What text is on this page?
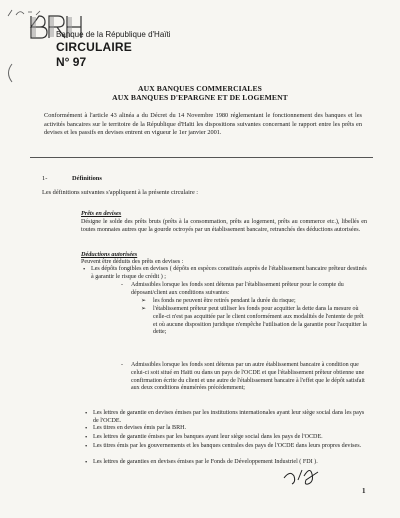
Banque de la République d'Haïti
CIRCULAIRE
N° 97
AUX BANQUES COMMERCIALES
AUX BANQUES D'EPARGNE ET DE LOGEMENT
Conformément à l'article 43 alinéa a du Décret du 14 Novembre 1980 réglementant le fonctionnement des banques et les activités bancaires sur le territoire de la République d'Haïti les dispositions suivantes concernant le rapport entre les prêts en devises et les passifs en devises entrent en vigueur le 1er janvier 2001.
1-	Définitions
Les définitions suivantes s'appliquent à la présente circulaire :
Prêts en devises
Désigne le solde des prêts bruts (prêts à la consommation, prêts au logement, prêts au commerce etc.), libellés en toutes monnaies autres que la gourde octroyés par un établissement bancaire, retranchés des déductions autorisées.
Déductions autorisées
Peuvent être déduits des prêts en devises :
• Les dépôts fongibles en devises ( dépôts en espèces constitués auprès de l'établissement bancaire prêteur destinés à garantir le risque de crédit ) ;
- Admissibles lorsque les fonds sont détenus par l'établissement prêteur pour le compte du déposant/client aux conditions suivantes:
➢ les fonds ne peuvent être retirés pendant la durée du risque;
➢ l'établissement prêteur peut utiliser les fonds pour acquitter la dette dans la mesure où celle-ci n'est pas acquittée par le client conformément aux modalités de l'entente de prêt et où aucune disposition juridique n'empêche l'utilisation de la garantie pour l'acquitter la dette;
- Admissibles lorsque les fonds sont détenus par un autre établissement bancaire à condition que celui-ci soit situé en Haïti ou dans un pays de l'OCDE et que l'établissement prêteur obtienne une confirmation écrite du client et une autre de l'établissement bancaire à l'effet que le dépôt satisfait aux deux conditions énumérées précédemment;
• Les lettres de garantie en devises émises par les institutions internationales ayant leur siège social dans les pays de l'OCDE.
• Les titres en devises émis par la BRH.
• Les lettres de garantie émises par les banques ayant leur siège social dans les pays de l'OCDE.
• Les titres émis par les gouvernements et les banques centrales des pays de l'OCDE dans leurs propres devises.
• Les lettres de garanties en devises émises par le Fonds de Développement Industriel ( FDI ).
1
